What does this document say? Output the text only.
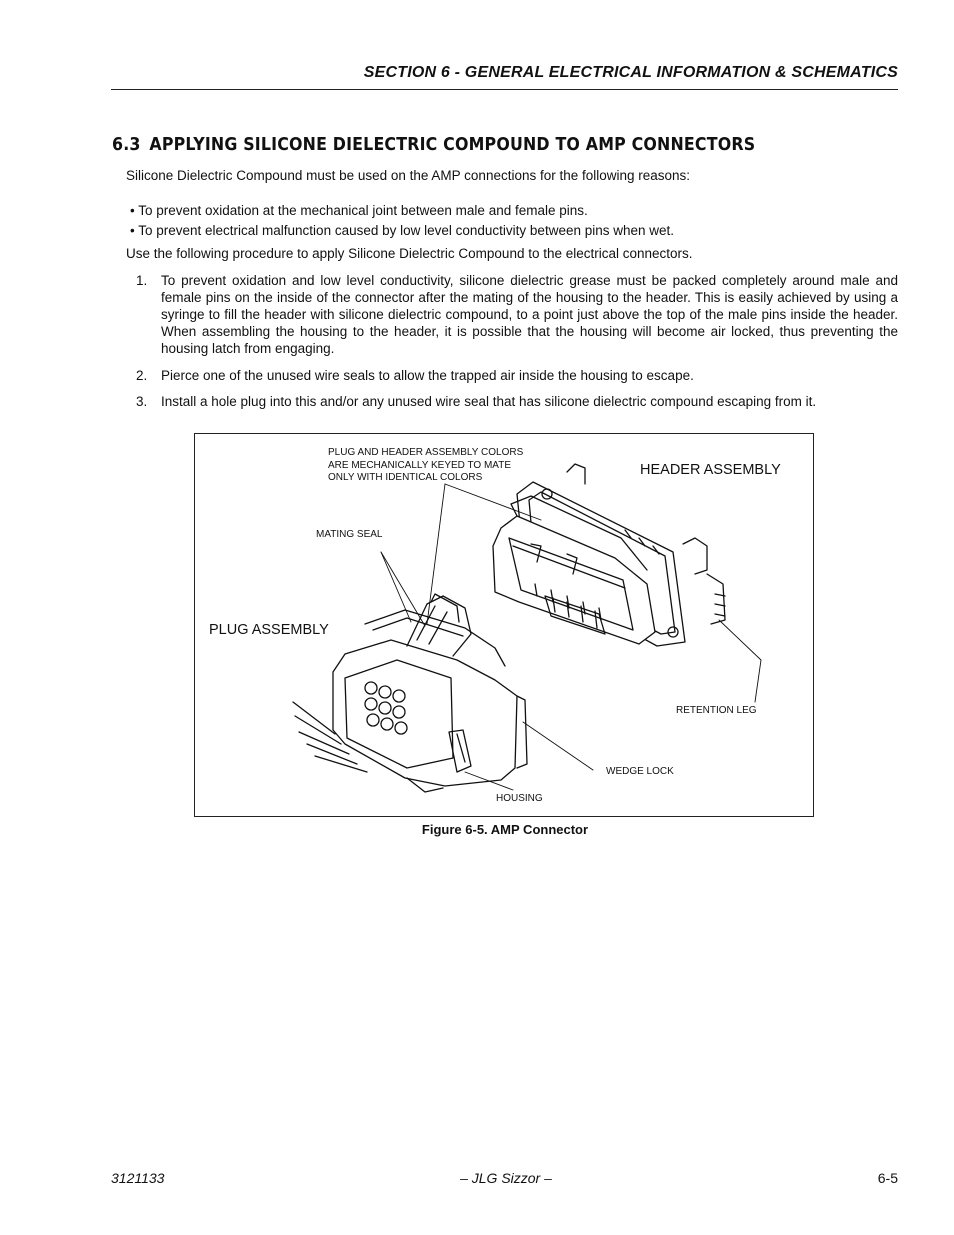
SECTION 6 - GENERAL ELECTRICAL INFORMATION & SCHEMATICS
6.3 APPLYING SILICONE DIELECTRIC COMPOUND TO AMP CONNECTORS
Silicone Dielectric Compound must be used on the AMP connections for the following reasons:
• To prevent oxidation at the mechanical joint between male and female pins.
• To prevent electrical malfunction caused by low level conductivity between pins when wet.
Use the following procedure to apply Silicone Dielectric Compound to the electrical connectors.
1. To prevent oxidation and low level conductivity, silicone dielectric grease must be packed completely around male and female pins on the inside of the connector after the mating of the housing to the header. This is easily achieved by using a syringe to fill the header with silicone dielectric compound, to a point just above the top of the male pins inside the header. When assembling the housing to the header, it is possible that the housing will become air locked, thus preventing the housing latch from engaging.
2. Pierce one of the unused wire seals to allow the trapped air inside the housing to escape.
3. Install a hole plug into this and/or any unused wire seal that has silicone dielectric compound escaping from it.
PLUG AND HEADER ASSEMBLY COLORS
ARE MECHANICALLY KEYED TO MATE
ONLY WITH IDENTICAL COLORS	HEADER ASSEMBLY
MATING SEAL
PLUG ASSEMBLY
RETENTION LEG
WEDGE LOCK
HOUSING
Figure 6-5. AMP Connector
3121133	– JLG Sizzor –	6-5
